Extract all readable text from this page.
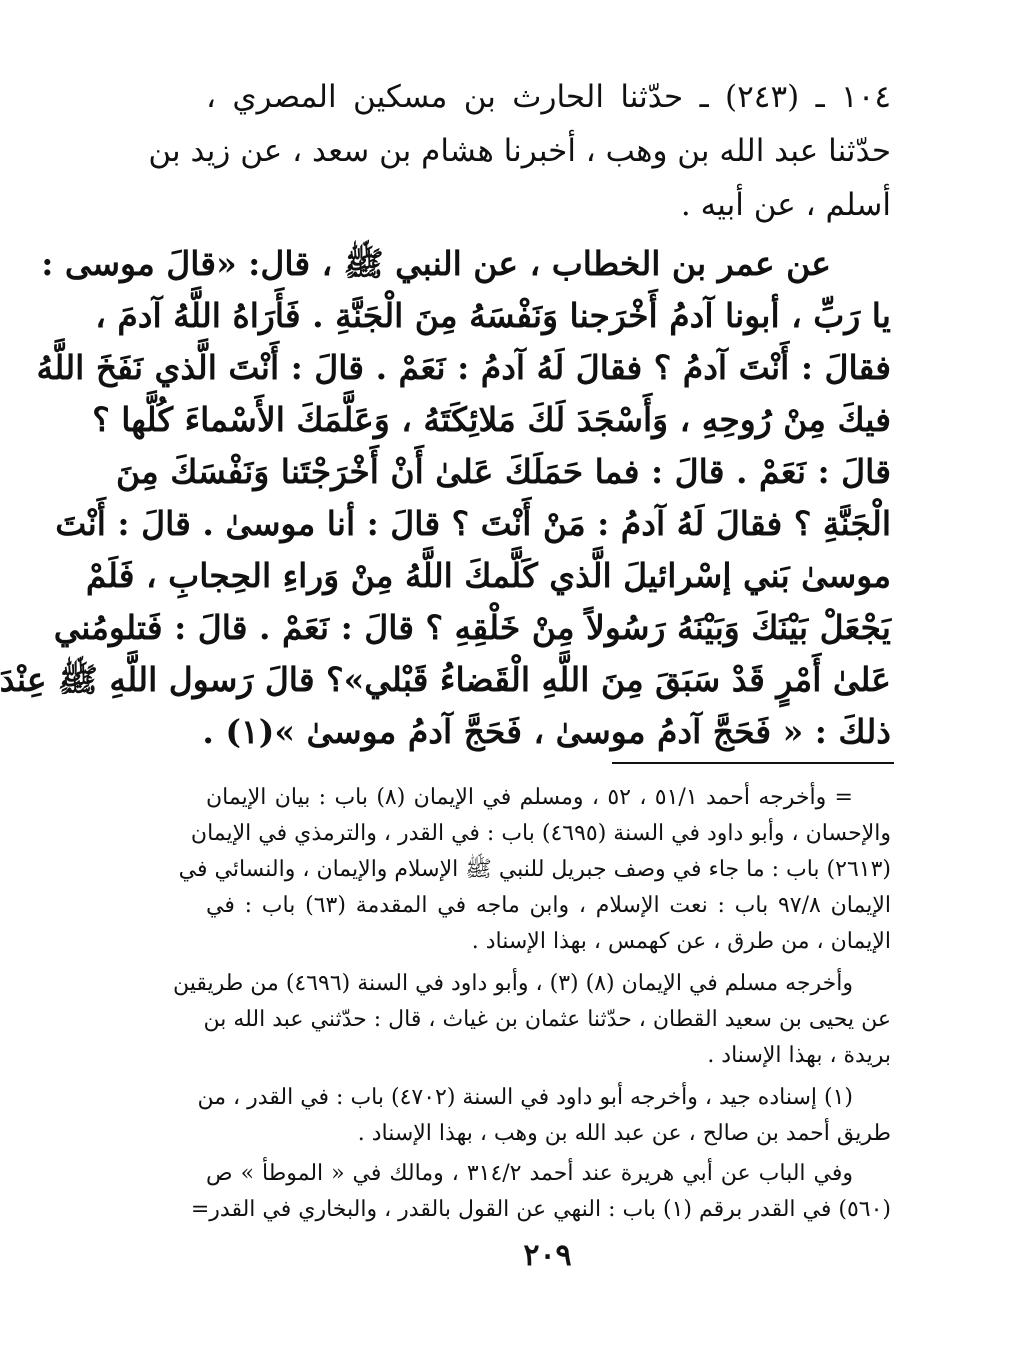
١٠٤ ـ (٢٤٣) ـ حدّثنا الحارث بن مسكين المصري ،
حدّثنا عبد الله بن وهب ، أخبرنا هشام بن سعد ، عن زيد بن
أسلم ، عن أبيه .
عن عمر بن الخطاب ، عن النبي ﷺ ، قال: «قالَ موسى :
يا رَبِّ ، أبونا آدمُ أَخْرَجنا وَنَفْسَهُ مِنَ الْجَنَّةِ . فَأَرَاهُ اللَّهُ آدمَ ،
فقالَ : أَنْتَ آدمُ ؟ فقالَ لَهُ آدمُ : نَعَمْ . قالَ : أَنْتَ الَّذي نَفَخَ اللَّهُ
فيكَ مِنْ رُوحِهِ ، وَأَسْجَدَ لَكَ مَلائِكَتَهُ ، وَعَلَّمَكَ الأَسْماءَ كُلَّها ؟
قالَ : نَعَمْ . قالَ : فما حَمَلَكَ عَلىٰ أَنْ أَخْرَجْتَنا وَنَفْسَكَ مِنَ
الْجَنَّةِ ؟ فقالَ لَهُ آدمُ : مَنْ أَنْتَ ؟ قالَ : أنا موسىٰ . قالَ : أَنْتَ
موسىٰ بَني إسْرائيلَ الَّذي كَلَّمكَ اللَّهُ مِنْ وَراءِ الحِجابِ ، فَلَمْ
يَجْعَلْ بَيْنَكَ وَبَيْنَهُ رَسُولاً مِنْ خَلْقِهِ ؟ قالَ : نَعَمْ . قالَ : فَتلومُني
عَلىٰ أَمْرٍ قَدْ سَبَقَ مِنَ اللَّهِ الْقَضاءُ قَبْلي»؟ قالَ رَسول اللَّهِ ﷺ عِنْدَ
ذلكَ : « فَحَجَّ آدمُ موسىٰ ، فَحَجَّ آدمُ موسىٰ »(١) .
= وأخرجه أحمد ٥١/١ ، ٥٢ ، ومسلم في الإيمان (٨) باب : بيان الإيمان
والإحسان ، وأبو داود في السنة (٤٦٩٥) باب : في القدر ، والترمذي في الإيمان
(٢٦١٣) باب : ما جاء في وصف جبريل للنبي ﷺ الإسلام والإيمان ، والنسائي في
الإيمان ٩٧/٨ باب : نعت الإسلام ، وابن ماجه في المقدمة (٦٣) باب : في
الإيمان ، من طرق ، عن كهمس ، بهذا الإسناد .
وأخرجه مسلم في الإيمان (٨) (٣) ، وأبو داود في السنة (٤٦٩٦) من طريقين
عن يحيى بن سعيد القطان ، حدّثنا عثمان بن غياث ، قال : حدّثني عبد الله بن
بريدة ، بهذا الإسناد .
(١) إسناده جيد ، وأخرجه أبو داود في السنة (٤٧٠٢) باب : في القدر ، من
طريق أحمد بن صالح ، عن عبد الله بن وهب ، بهذا الإسناد .
وفي الباب عن أبي هريرة عند أحمد ٣١٤/٢ ، ومالك في « الموطأ » ص
(٥٦٠) في القدر برقم (١) باب : النهي عن القول بالقدر ، والبخاري في القدر=
٢٠٩
